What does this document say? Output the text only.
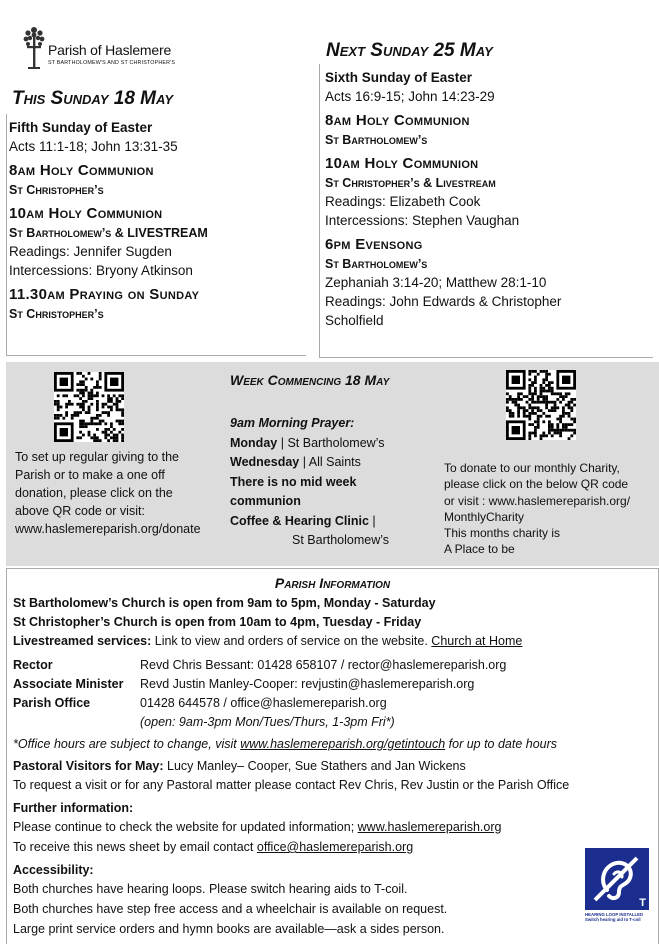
Parish of Haslemere
ST BARTHOLOMEW'S AND ST CHRISTOPHER'S
This Sunday 18 May
Fifth Sunday of Easter
Acts 11:1-18; John 13:31-35
8am Holy Communion
St Christopher’s
10am Holy Communion
St Bartholomew’s & LIVESTREAM
Readings: Jennifer Sugden
Intercessions: Bryony Atkinson
11.30am Praying on Sunday
St Christopher’s
Next Sunday 25 May
Sixth Sunday of Easter
Acts 16:9-15; John 14:23-29
8am Holy Communion
St Bartholomew’s
10am Holy Communion
St Christopher’s & Livestream
Readings: Elizabeth Cook
Intercessions: Stephen Vaughan
6pm Evensong
St Bartholomew’s
Zephaniah 3:14-20; Matthew 28:1-10
Readings: John Edwards & Christopher
Scholfield
To set up regular giving to the
Parish or to make a one off
donation, please click on the
above QR code or visit:
www.haslemereparish.org/donate
Week Commencing 18 May
9am Morning Prayer:
Monday | St Bartholomew’s
Wednesday | All Saints
There is no mid week
communion
Coffee & Hearing Clinic |
St Bartholomew’s
To donate to our monthly Charity,
please click on the below QR code
or visit : www.haslemereparish.org/
MonthlyCharity
This months charity is
A Place to be
Parish Information
St Bartholomew’s Church is open from 9am to 5pm, Monday - Saturday
St Christopher’s Church is open from 10am to 4pm, Tuesday - Friday
Livestreamed services: Link to view and orders of service on the website. Church at Home
Rector	Revd Chris Bessant: 01428 658107 / rector@haslemereparish.org
Associate Minister Revd Justin Manley-Cooper: revjustin@haslemereparish.org
Parish Office	01428 644578 / office@haslemereparish.org
(open: 9am-3pm Mon/Tues/Thurs, 1-3pm Fri*)
*Office hours are subject to change, visit www.haslemereparish.org/getintouch for up to date hours
Pastoral Visitors for May: Lucy Manley– Cooper, Sue Stathers and Jan Wickens
To request a visit or for any Pastoral matter please contact Rev Chris, Rev Justin or the Parish Office
Further information:
Please continue to check the website for updated information; www.haslemereparish.org
To receive this news sheet by email contact office@haslemereparish.org
Accessibility:
Both churches have hearing loops. Please switch hearing aids to T-coil.
Both churches have step free access and a wheelchair is available on request.
Large print service orders and hymn books are available—ask a sides person.
T
HEARING LOOP INSTALLED Switch hearing aid to T-coil
